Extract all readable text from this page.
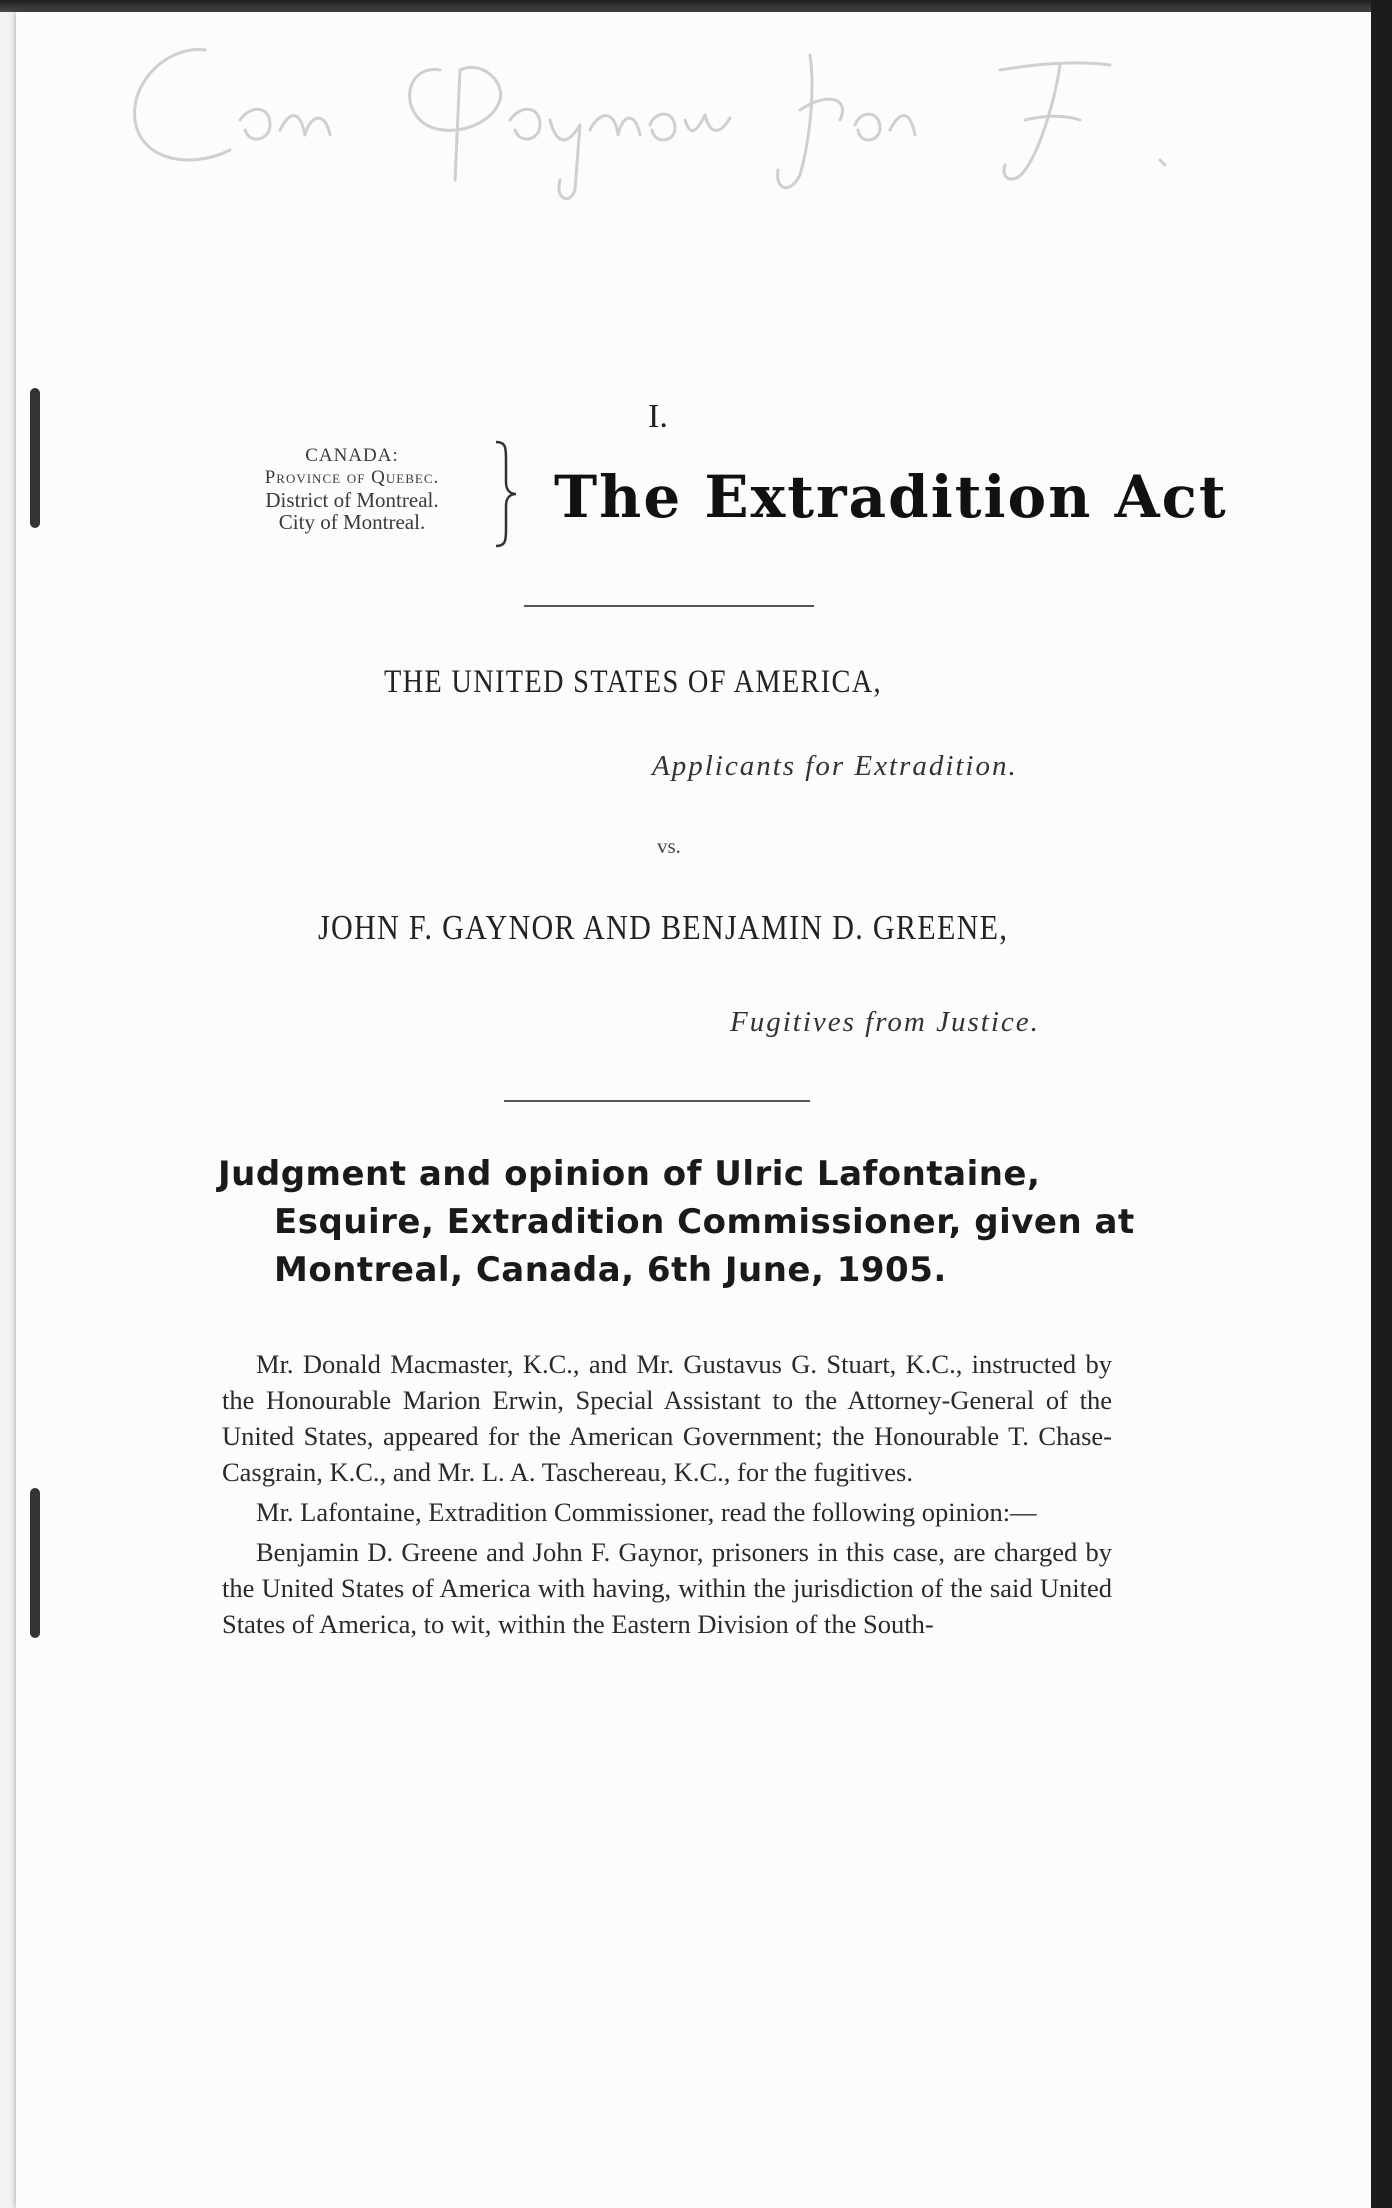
I.
CANADA:
Province of Quebec.
District of Montreal.
City of Montreal.	The Extradition Act
THE UNITED STATES OF AMERICA,
Applicants for Extradition.
vs.
JOHN F. GAYNOR AND BENJAMIN D. GREENE,
Fugitives from Justice.
Judgment and opinion of Ulric Lafontaine,
Esquire, Extradition Commissioner, given at
Montreal, Canada, 6th June, 1905.

Mr. Donald Macmaster, K.C., and Mr. Gustavus G. Stuart, K.C., instructed by the Honourable Marion Erwin, Special Assistant to the Attorney-General of the United States, appeared for the American Government; the Honourable T. Chase-Casgrain, K.C., and Mr. L. A. Taschereau, K.C., for the fugitives.

Mr. Lafontaine, Extradition Commissioner, read the following opinion:—

Benjamin D. Greene and John F. Gaynor, prisoners in this case, are charged by the United States of America with having, within the jurisdiction of the said United States of America, to wit, within the Eastern Division of the South-
